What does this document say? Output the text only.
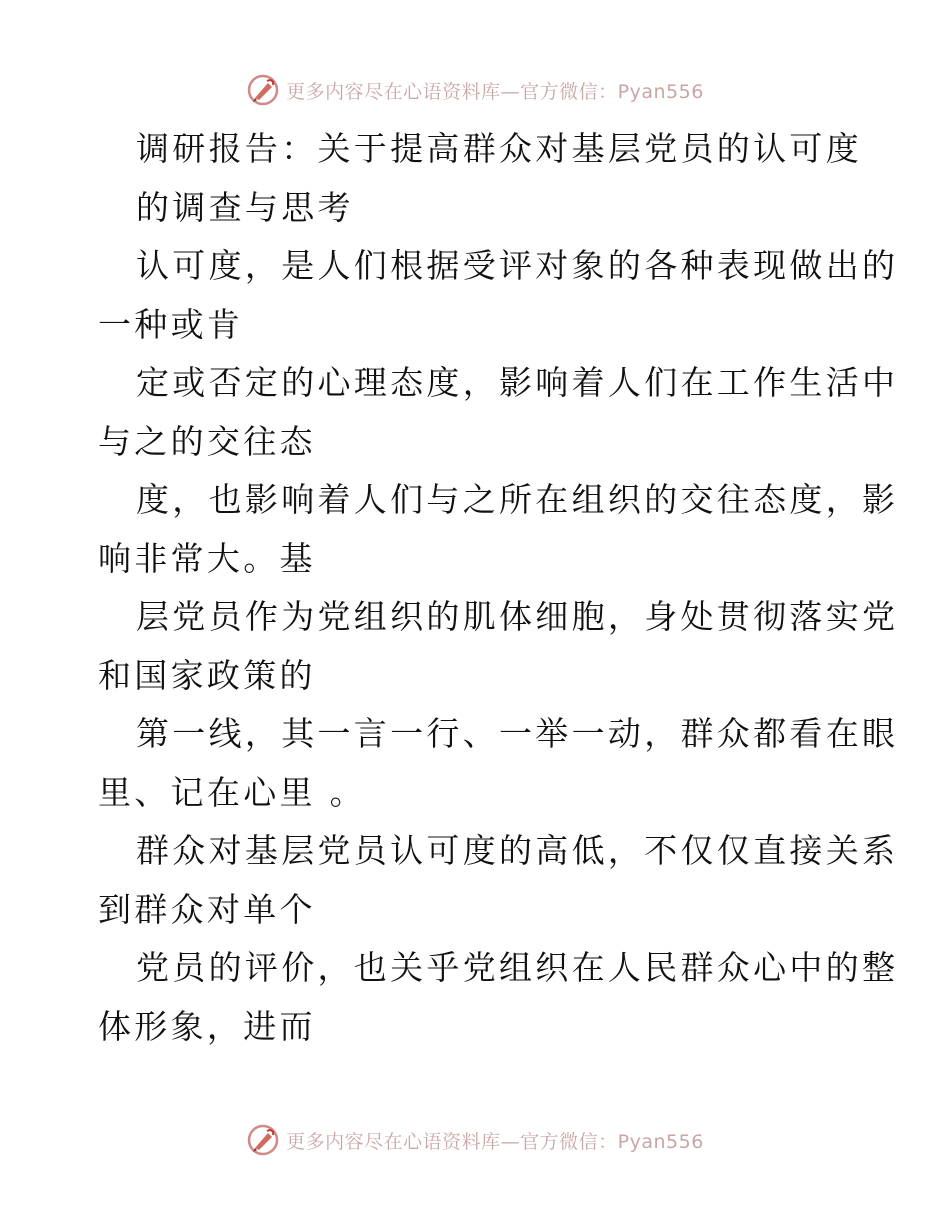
更多内容尽在心语资料库—官方微信：Pyan556
调研报告：关于提高群众对基层党员的认可度
的调查与思考
认可度，是人们根据受评对象的各种表现做出的
一种或肯
定或否定的心理态度，影响着人们在工作生活中
与之的交往态
度，也影响着人们与之所在组织的交往态度，影
响非常大。基
层党员作为党组织的肌体细胞，身处贯彻落实党
和国家政策的
第一线，其一言一行、一举一动，群众都看在眼
里、记在心里 。
群众对基层党员认可度的高低，不仅仅直接关系
到群众对单个
党员的评价，也关乎党组织在人民群众心中的整
体形象，进而
更多内容尽在心语资料库—官方微信：Pyan556
